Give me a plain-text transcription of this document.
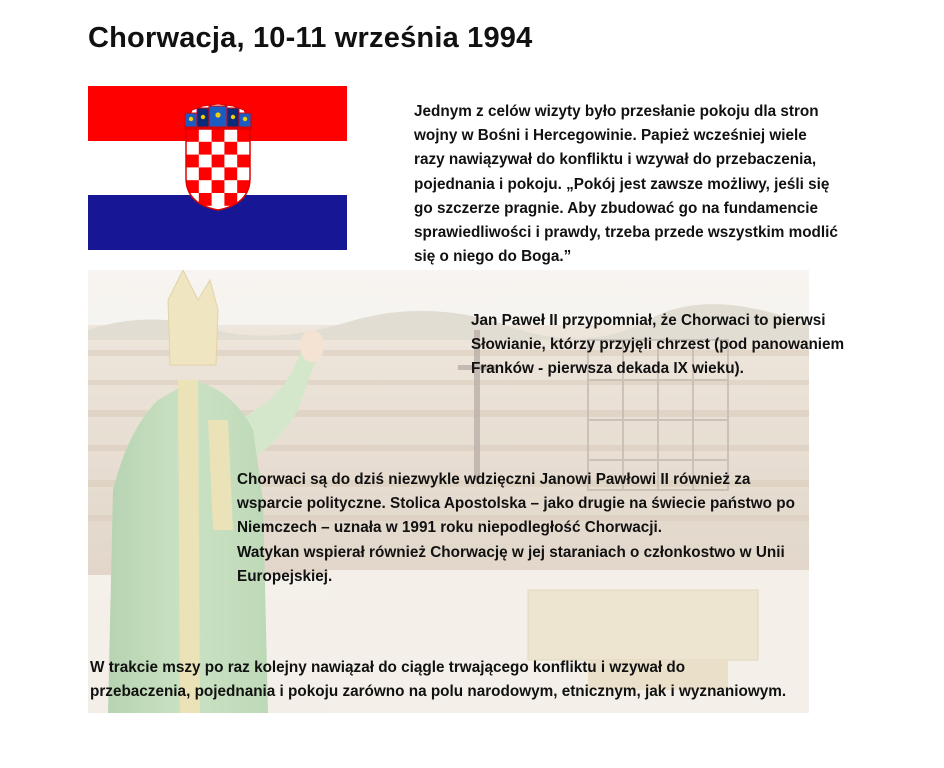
Chorwacja, 10-11 września 1994

Jednym z celów wizyty było przesłanie pokoju dla stron
wojny w Bośni i Hercegowinie. Papież wcześniej wiele
razy nawiązywał do konfliktu i wzywał do przebaczenia,
pojednania i pokoju. „Pokój jest zawsze możliwy, jeśli się
go szczerze pragnie. Aby zbudować go na fundamencie
sprawiedliwości i prawdy, trzeba przede wszystkim modlić
się o niego do Boga.”

Jan Paweł II przypomniał, że Chorwaci to pierwsi
Słowianie, którzy przyjęli chrzest (pod panowaniem
Franków - pierwsza dekada IX wieku).

Chorwaci są do dziś niezwykle wdzięczni Janowi Pawłowi II również za
wsparcie polityczne. Stolica Apostolska – jako drugie na świecie państwo po
Niemczech – uznała w 1991 roku niepodległość Chorwacji.
Watykan wspierał również Chorwację w jej staraniach o członkostwo w Unii
Europejskiej.

W trakcie mszy po raz kolejny nawiązał do ciągle trwającego konfliktu i wzywał do
przebaczenia, pojednania i pokoju zarówno na polu narodowym, etnicznym, jak i wyznaniowym.
